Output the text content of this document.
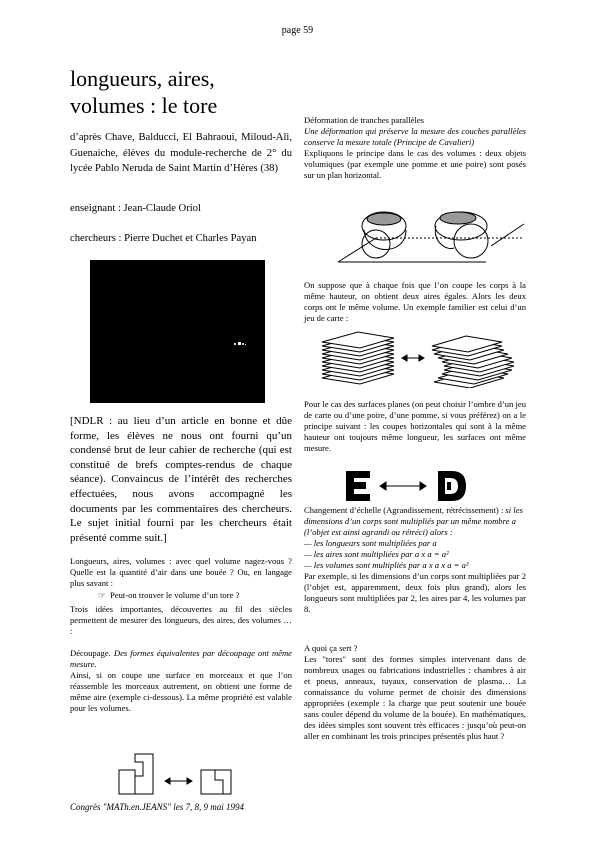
page 59
longueurs, aires,
volumes : le tore
d’après Chave, Balducci, El Bahraoui, Miloud-Ali, Guenaiche, élèves du module-recherche de 2° du lycée Pablo Neruda de Saint Martin d’Hères (38)
enseignant : Jean-Claude Oriol
chercheurs : Pierre Duchet et Charles Payan
[NDLR : au lieu d’un article en bonne et dûe forme, les élèves ne nous ont fourni qu’un condensé brut de leur cahier de recherche (qui est constitué de brefs comptes-rendus de chaque séance). Convaincus de l’intérêt des recherches effectuées, nous avons accompagné les documents par les commentaires des chercheurs. Le sujet initial fourni par les chercheurs était présenté comme suit.]
Longueurs, aires, volumes : avec quel volume nagez-vous ? Quelle est la quantité d’air dans une bouée ? Ou, en langage plus savant :
☞ Peut-on trouver le volume d’un tore ?
Trois idées importantes, découvertes au fil des siècles permettent de mesurer des longueurs, des aires, des volumes … :
Découpage. Des formes équivalentes par découpage ont même mesure.
Ainsi, si on coupe une surface en morceaux et que l’on réassemble les morceaux autrement, on obtient une forme de même aire (exemple ci-dessous). La même propriété est valable pour les volumes.
Déformation de tranches parallèles
Une déformation qui préserve la mesure des couches parallèles conserve la mesure totale (Principe de Cavalieri)
Expliquons le principe dans le cas des volumes : deux objets volumiques (par exemple une pomme et une poire) sont posés sur un plan horizontal.
On suppose que à chaque fois que l’on coupe les corps à la même hauteur, on obtient deux aires égales. Alors les deux corps ont le même volume. Un exemple familier est celui d’un jeu de carte :
Pour le cas des surfaces planes (on peut choisir l’ombre d’un jeu de carte ou d’une poire, d’une pomme, si vous préférez) on a le principe suivant : les coupes horizontales qui sont à la même hauteur ont toujours même longueur, les surfaces ont même mesure.
Changement d’échelle (Agrandissement, rétrécissement) : si les dimensions d’un corps sont multipliés par un même nombre a (l’objet est ainsi agrandi ou rétréci) alors :
— les longueurs sont multipliées par a
— les aires sont multipliées par a x a = a²
— les volumes sont multipliés par a x a x a = a³
Par exemple, si les dimensions d’un corps sont multipliées par 2 (l’objet est, apparemment, deux fois plus grand), alors les longueurs sont multipliées par 2, les aires par 4, les volumes par 8.
A quoi ça sert ?
Les "tores" sont des formes simples intervenant dans de nombreux usages ou fabrications industrielles : chambres à air et pneus, anneaux, tuyaux, conservation de plasma… La connaissance du volume permet de choisir des dimensions appropriées (exemple : la charge que peut soutenir une bouée sans couler dépend du volume de la bouée). En mathématiques, des idées simples sont souvent très efficaces : jusqu’où peut-on aller en combinant les trois principes présentés plus haut ?
Congrès "MATh.en.JEANS" les 7, 8, 9 mai 1994
